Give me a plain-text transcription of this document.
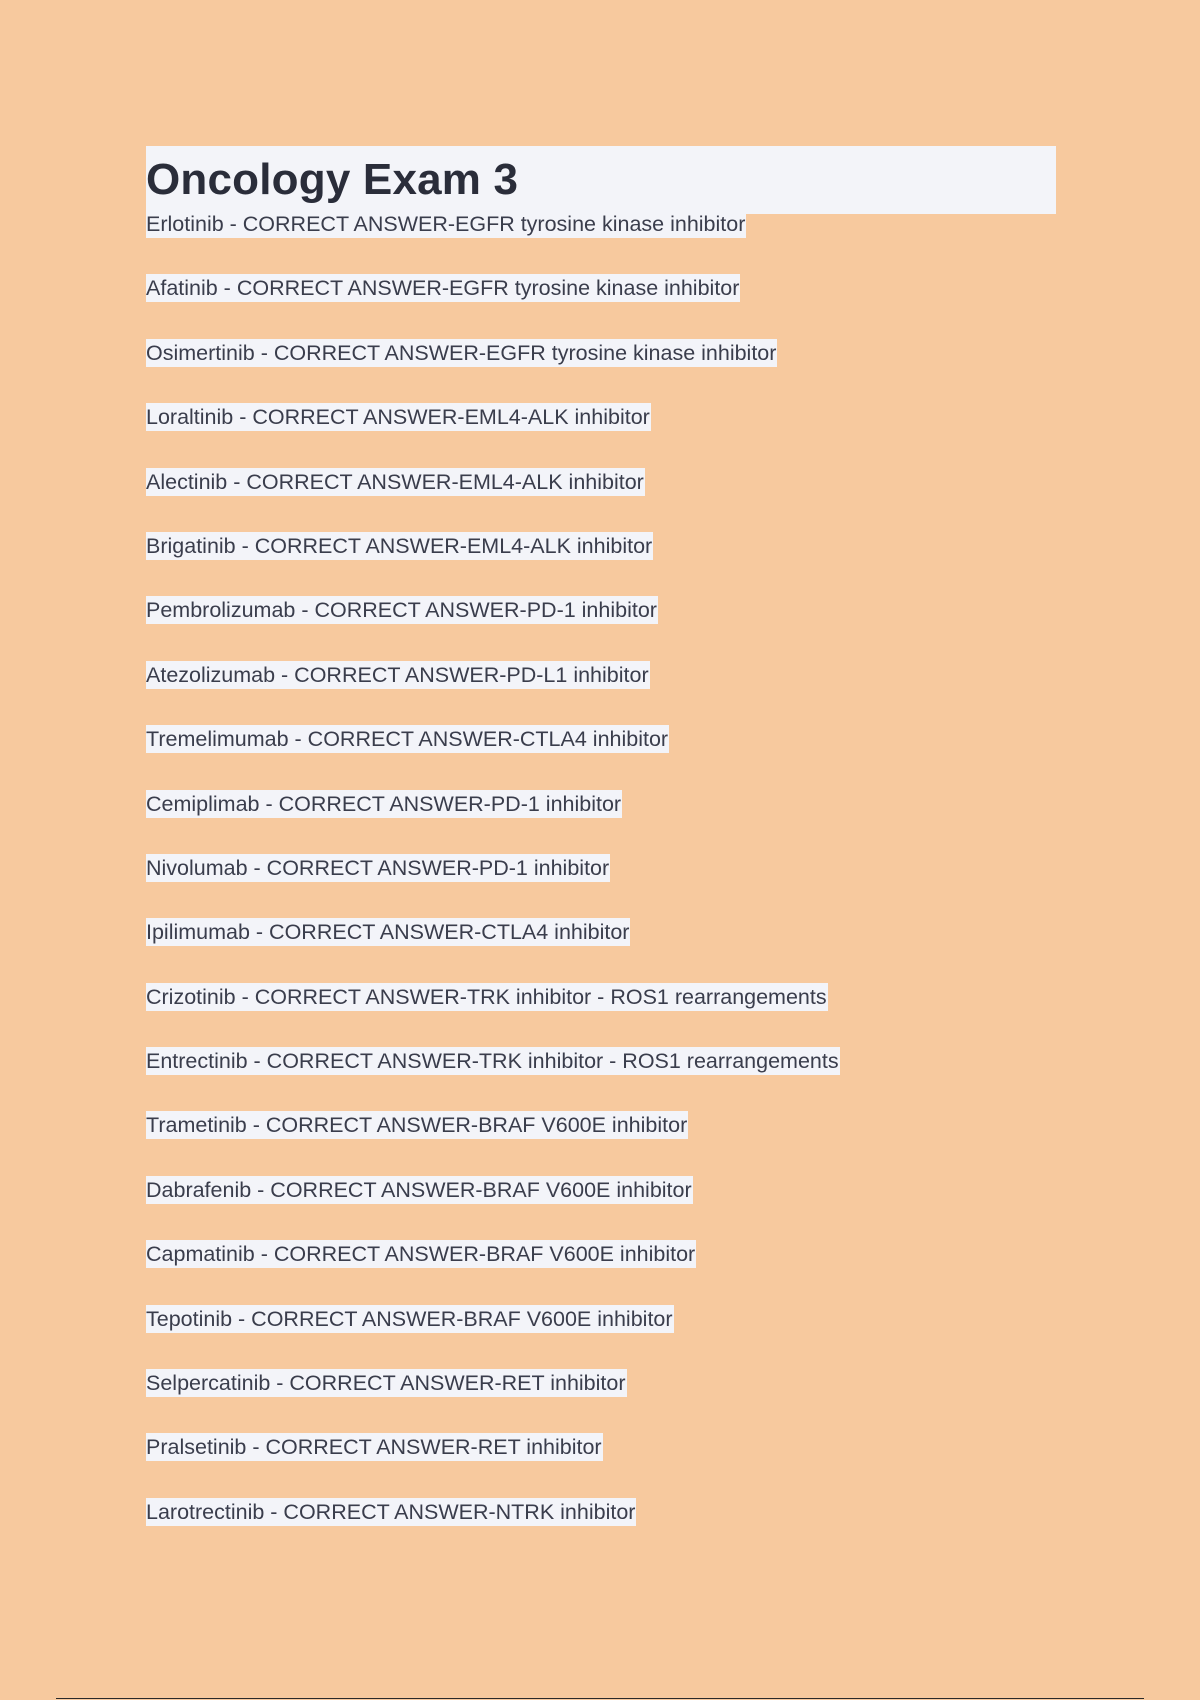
Oncology Exam 3
Erlotinib - CORRECT ANSWER-EGFR tyrosine kinase inhibitor
Afatinib - CORRECT ANSWER-EGFR tyrosine kinase inhibitor
Osimertinib - CORRECT ANSWER-EGFR tyrosine kinase inhibitor
Loraltinib - CORRECT ANSWER-EML4-ALK inhibitor
Alectinib - CORRECT ANSWER-EML4-ALK inhibitor
Brigatinib - CORRECT ANSWER-EML4-ALK inhibitor
Pembrolizumab - CORRECT ANSWER-PD-1 inhibitor
Atezolizumab - CORRECT ANSWER-PD-L1 inhibitor
Tremelimumab - CORRECT ANSWER-CTLA4 inhibitor
Cemiplimab - CORRECT ANSWER-PD-1 inhibitor
Nivolumab - CORRECT ANSWER-PD-1 inhibitor
Ipilimumab - CORRECT ANSWER-CTLA4 inhibitor
Crizotinib - CORRECT ANSWER-TRK inhibitor - ROS1 rearrangements
Entrectinib - CORRECT ANSWER-TRK inhibitor - ROS1 rearrangements
Trametinib - CORRECT ANSWER-BRAF V600E inhibitor
Dabrafenib - CORRECT ANSWER-BRAF V600E inhibitor
Capmatinib - CORRECT ANSWER-BRAF V600E inhibitor
Tepotinib - CORRECT ANSWER-BRAF V600E inhibitor
Selpercatinib - CORRECT ANSWER-RET inhibitor
Pralsetinib - CORRECT ANSWER-RET inhibitor
Larotrectinib - CORRECT ANSWER-NTRK inhibitor
